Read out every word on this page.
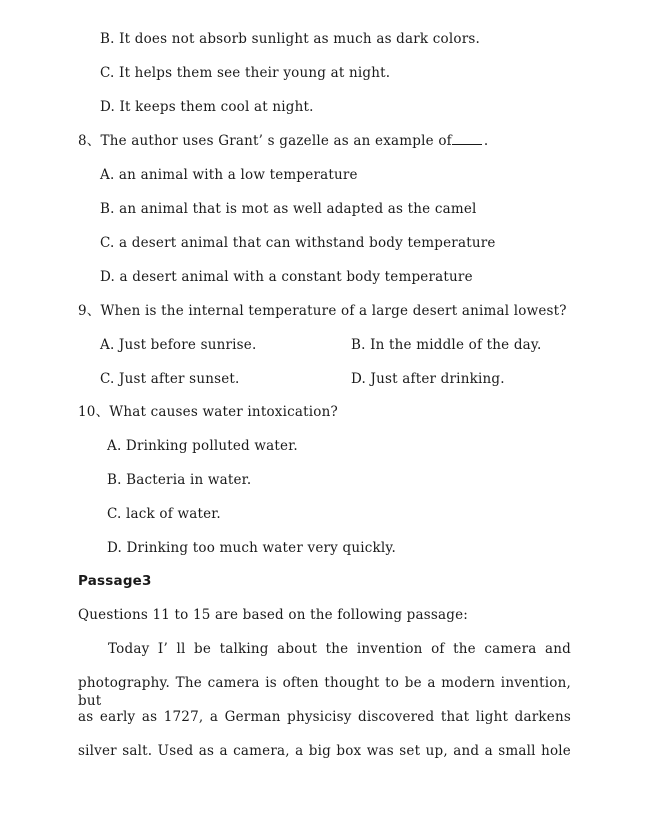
B. It does not absorb sunlight as much as dark colors.
C. It helps them see their young at night.
D. It keeps them cool at night.
8、The author uses Grant’ s gazelle as an example of .
A. an animal with a low temperature
B. an animal that is mot as well adapted as the camel
C. a desert animal that can withstand body temperature
D. a desert animal with a constant body temperature
9、When is the internal temperature of a large desert animal lowest?
A. Just before sunrise.	B. In the middle of the day.
C. Just after sunset.	D. Just after drinking.
10、What causes water intoxication?
A. Drinking polluted water.
B. Bacteria in water.
C. lack of water.
D. Drinking too much water very quickly.
Passage3
Questions 11 to 15 are based on the following passage:
Today I’ ll be talking about the invention of the camera and
photography. The camera is often thought to be a modern invention, but
as early as 1727, a German physicisy discovered that light darkens
silver salt. Used as a camera, a big box was set up, and a small hole
